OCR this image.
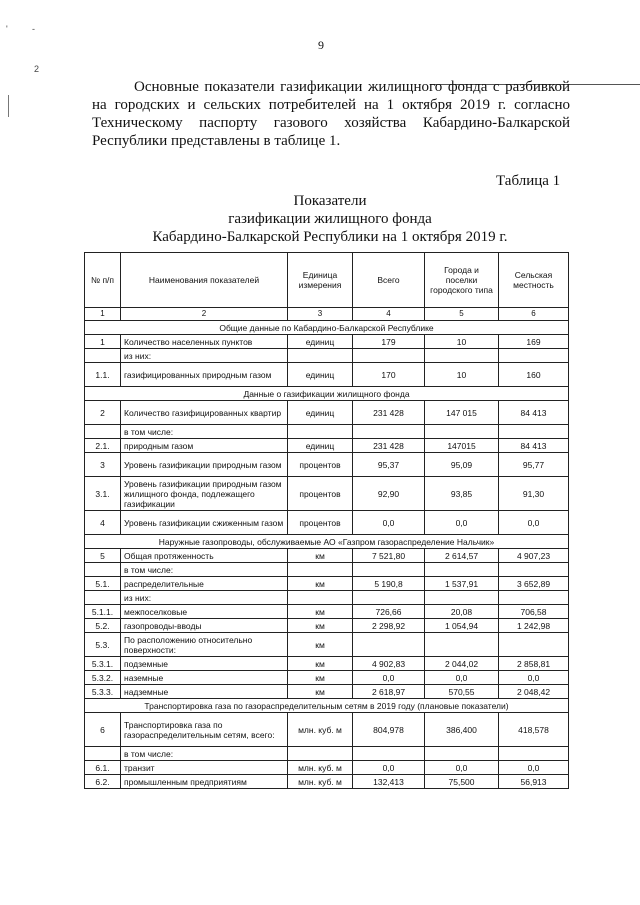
'	-
2
9

Основные показатели газификации жилищного фонда с разбивкой на городских и сельских потребителей на 1 октября 2019 г. согласно Техническому паспорту газового хозяйства Кабардино-Балкарской Республики представлены в таблице 1.

Таблица 1
Показатели
газификации жилищного фонда
Кабардино-Балкарской Республики на 1 октября 2019 г.
№ п/п	Наименования показателей	Единица измерения	Всего	Города и поселки городского типа	Сельская местность
1	2	3	4	5	6
Общие данные по Кабардино-Балкарской Республике					
1	Количество населенных пунктов	единиц	179	10	169
	из них:				
1.1.	газифицированных природным газом	единиц	170	10	160
Данные о газификации жилищного фонда					
2	Количество газифицированных квартир	единиц	231 428	147 015	84 413
	в том числе:				
2.1.	природным газом	единиц	231 428	147015	84 413
3	Уровень газификации природным газом	процентов	95,37	95,09	95,77
3.1.	Уровень газификации природным газом жилищного фонда, подлежащего газификации	процентов	92,90	93,85	91,30
4	Уровень газификации сжиженным газом	процентов	0,0	0,0	0,0
Наружные газопроводы, обслуживаемые АО «Газпром газораспределение Нальчик»					
5	Общая протяженность	км	7 521,80	2 614,57	4 907,23
	в том числе:				
5.1.	распределительные	км	5 190,8	1 537,91	3 652,89
	из них:				
5.1.1.	межпоселковые	км	726,66	20,08	706,58
5.2.	газопроводы-вводы	км	2 298,92	1 054,94	1 242,98
5.3.	По расположению относительно поверхности:	км			
5.3.1.	подземные	км	4 902,83	2 044,02	2 858,81
5.3.2.	наземные	км	0,0	0,0	0,0
5.3.3.	надземные	км	2 618,97	570,55	2 048,42
Транспортировка газа по газораспределительным сетям в 2019 году (плановые показатели)					
6	Транспортировка газа по газораспределительным сетям, всего:	млн. куб. м	804,978	386,400	418,578
	в том числе:				
6.1.	транзит	млн. куб. м	0,0	0,0	0,0
6.2.	промышленным предприятиям	млн. куб. м	132,413	75,500	56,913
